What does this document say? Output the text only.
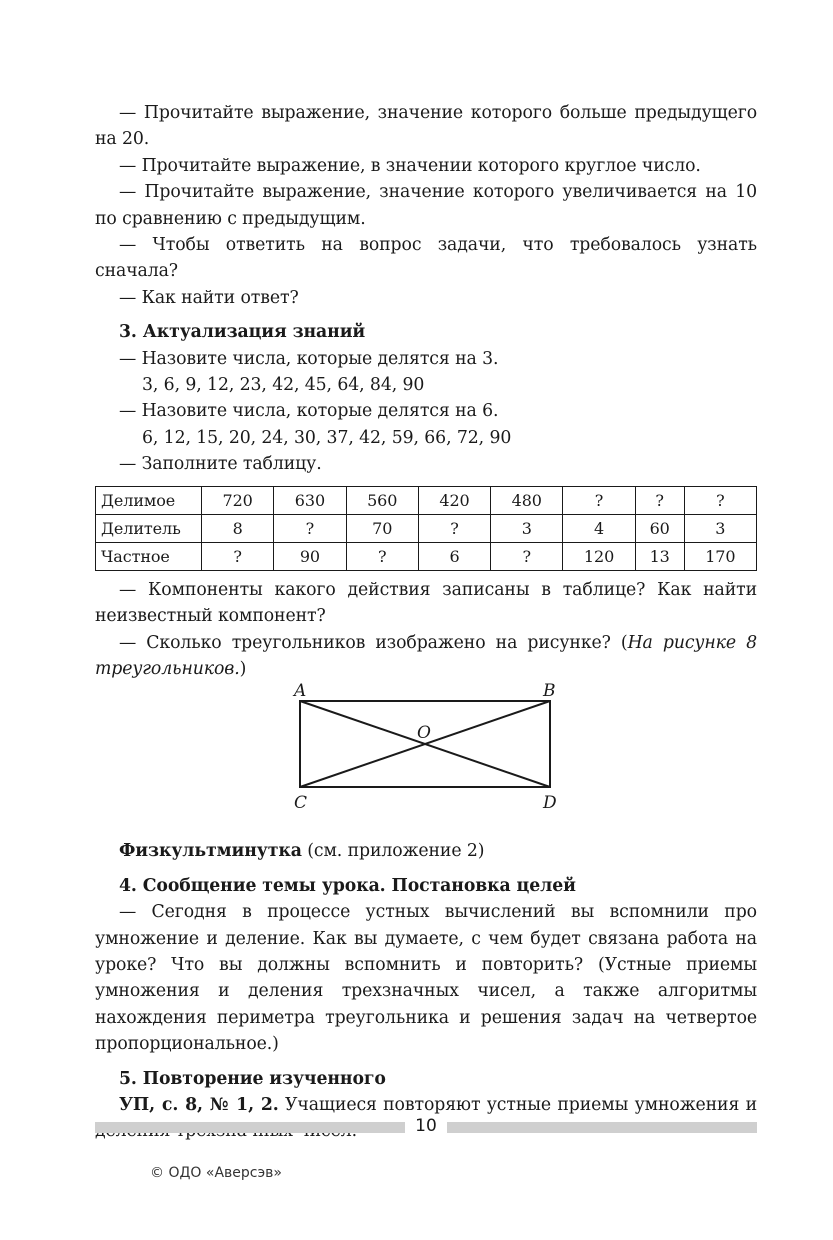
— Прочитайте выражение, значение которого больше предыдущего на 20.

— Прочитайте выражение, в значении которого круглое число.

— Прочитайте выражение, значение которого увеличивается на 10 по сравнению с предыдущим.

— Чтобы ответить на вопрос задачи, что требовалось узнать сначала?

— Как найти ответ?

3. Актуализация знаний

— Назовите числа, которые делятся на 3.

3, 6, 9, 12, 23, 42, 45, 64, 84, 90

— Назовите числа, которые делятся на 6.

6, 12, 15, 20, 24, 30, 37, 42, 59, 66, 72, 90

— Заполните таблицу.

Делимое	720	630	560	420	480	?	?	?
Делитель	8	?	70	?	3	4	60	3
Частное	?	90	?	6	?	120	13	170

— Компоненты какого действия записаны в таблице? Как найти неизвестный компонент?

— Сколько треугольников изображено на рисунке? (На рисунке 8 треугольников.)

A	B
C	D
O

Физкультминутка (см. приложение 2)

4. Сообщение темы урока. Постановка целей

— Сегодня в процессе устных вычислений вы вспомнили про умножение и деление. Как вы думаете, с чем будет связана работа на уроке? Что вы должны вспомнить и повторить? (Устные приемы умножения и деления трехзначных чисел, а также алгоритмы нахождения периметра треугольника и решения задач на четвертое пропорциональное.)

5. Повторение изученного

УП, с. 8, № 1, 2. Учащиеся повторяют устные приемы умножения и

10
© ОДО «Аверсэв»
